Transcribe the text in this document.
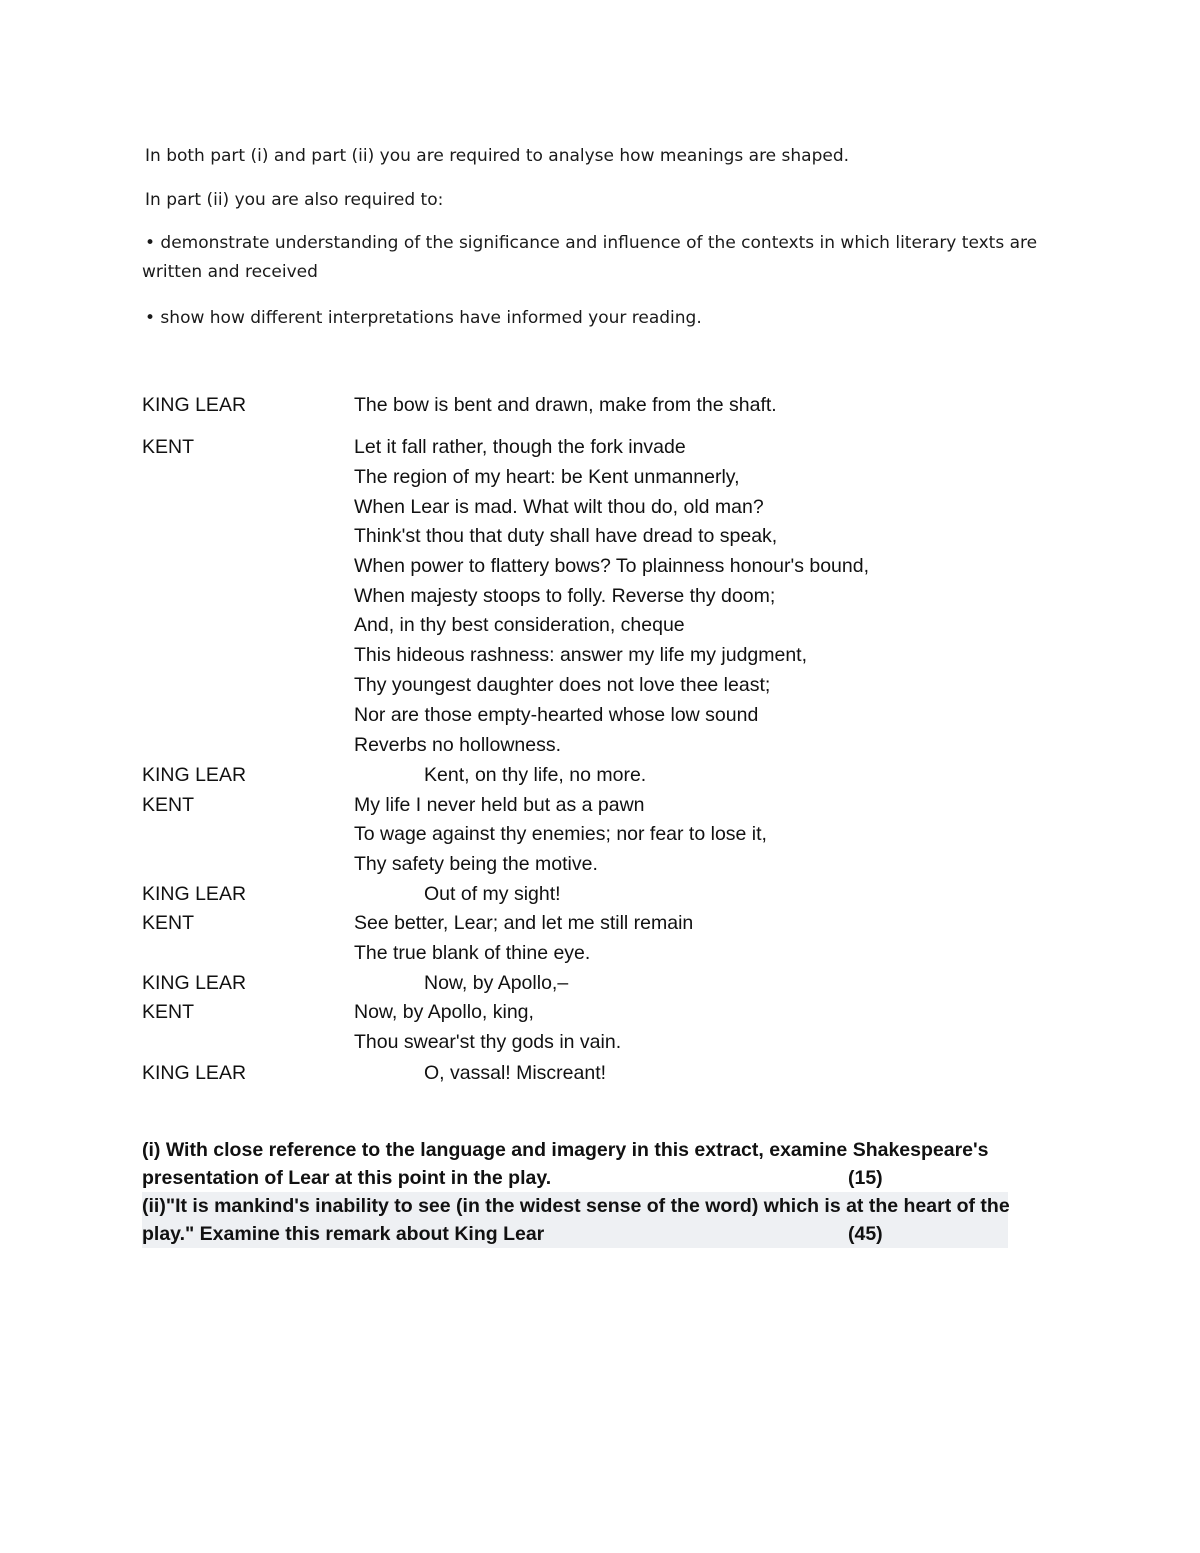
In both part (i) and part (ii) you are required to analyse how meanings are shaped.

In part (ii) you are also required to:

• demonstrate understanding of the significance and influence of the contexts in which literary texts are

written and received

• show how different interpretations have informed your reading.

KING LEAR	The bow is bent and drawn, make from the shaft.
KENT	Let it fall rather, though the fork invade
The region of my heart: be Kent unmannerly,
When Lear is mad. What wilt thou do, old man?
Think'st thou that duty shall have dread to speak,
When power to flattery bows? To plainness honour's bound,
When majesty stoops to folly. Reverse thy doom;
And, in thy best consideration, cheque
This hideous rashness: answer my life my judgment,
Thy youngest daughter does not love thee least;
Nor are those empty-hearted whose low sound
Reverbs no hollowness.
KING LEAR	Kent, on thy life, no more.
KENT	My life I never held but as a pawn
To wage against thy enemies; nor fear to lose it,
Thy safety being the motive.
KING LEAR	Out of my sight!
KENT	See better, Lear; and let me still remain
The true blank of thine eye.
KING LEAR	Now, by Apollo,–
KENT	Now, by Apollo, king,
Thou swear'st thy gods in vain.
KING LEAR	O, vassal! Miscreant!
(i) With close reference to the language and imagery in this extract, examine Shakespeare's
presentation of Lear at this point in the play.	(15)
(ii)"It is mankind's inability to see (in the widest sense of the word) which is at the heart of the
play." Examine this remark about King Lear	(45)
